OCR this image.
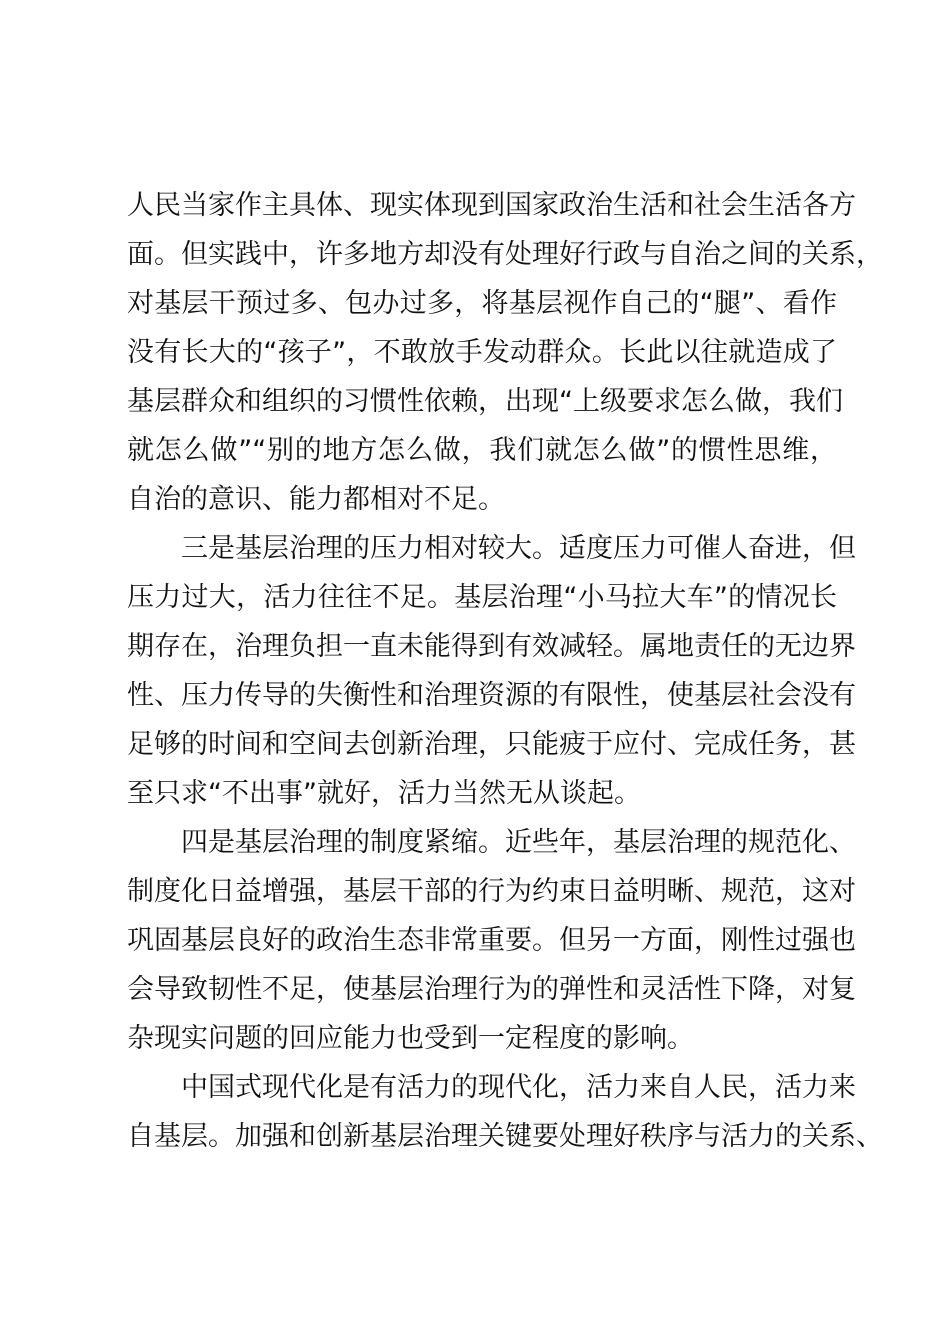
人民当家作主具体、现实体现到国家政治生活和社会生活各方
面。但实践中，许多地方却没有处理好行政与自治之间的关系，
对基层干预过多、包办过多，将基层视作自己的“腿”、看作
没有长大的“孩子”，不敢放手发动群众。长此以往就造成了
基层群众和组织的习惯性依赖，出现“上级要求怎么做，我们
就怎么做”“别的地方怎么做，我们就怎么做”的惯性思维，
自治的意识、能力都相对不足。
三是基层治理的压力相对较大。适度压力可催人奋进，但
压力过大，活力往往不足。基层治理“小马拉大车”的情况长
期存在，治理负担一直未能得到有效减轻。属地责任的无边界
性、压力传导的失衡性和治理资源的有限性，使基层社会没有
足够的时间和空间去创新治理，只能疲于应付、完成任务，甚
至只求“不出事”就好，活力当然无从谈起。
四是基层治理的制度紧缩。近些年，基层治理的规范化、
制度化日益增强，基层干部的行为约束日益明晰、规范，这对
巩固基层良好的政治生态非常重要。但另一方面，刚性过强也
会导致韧性不足，使基层治理行为的弹性和灵活性下降，对复
杂现实问题的回应能力也受到一定程度的影响。
中国式现代化是有活力的现代化，活力来自人民，活力来
自基层。加强和创新基层治理关键要处理好秩序与活力的关系、
